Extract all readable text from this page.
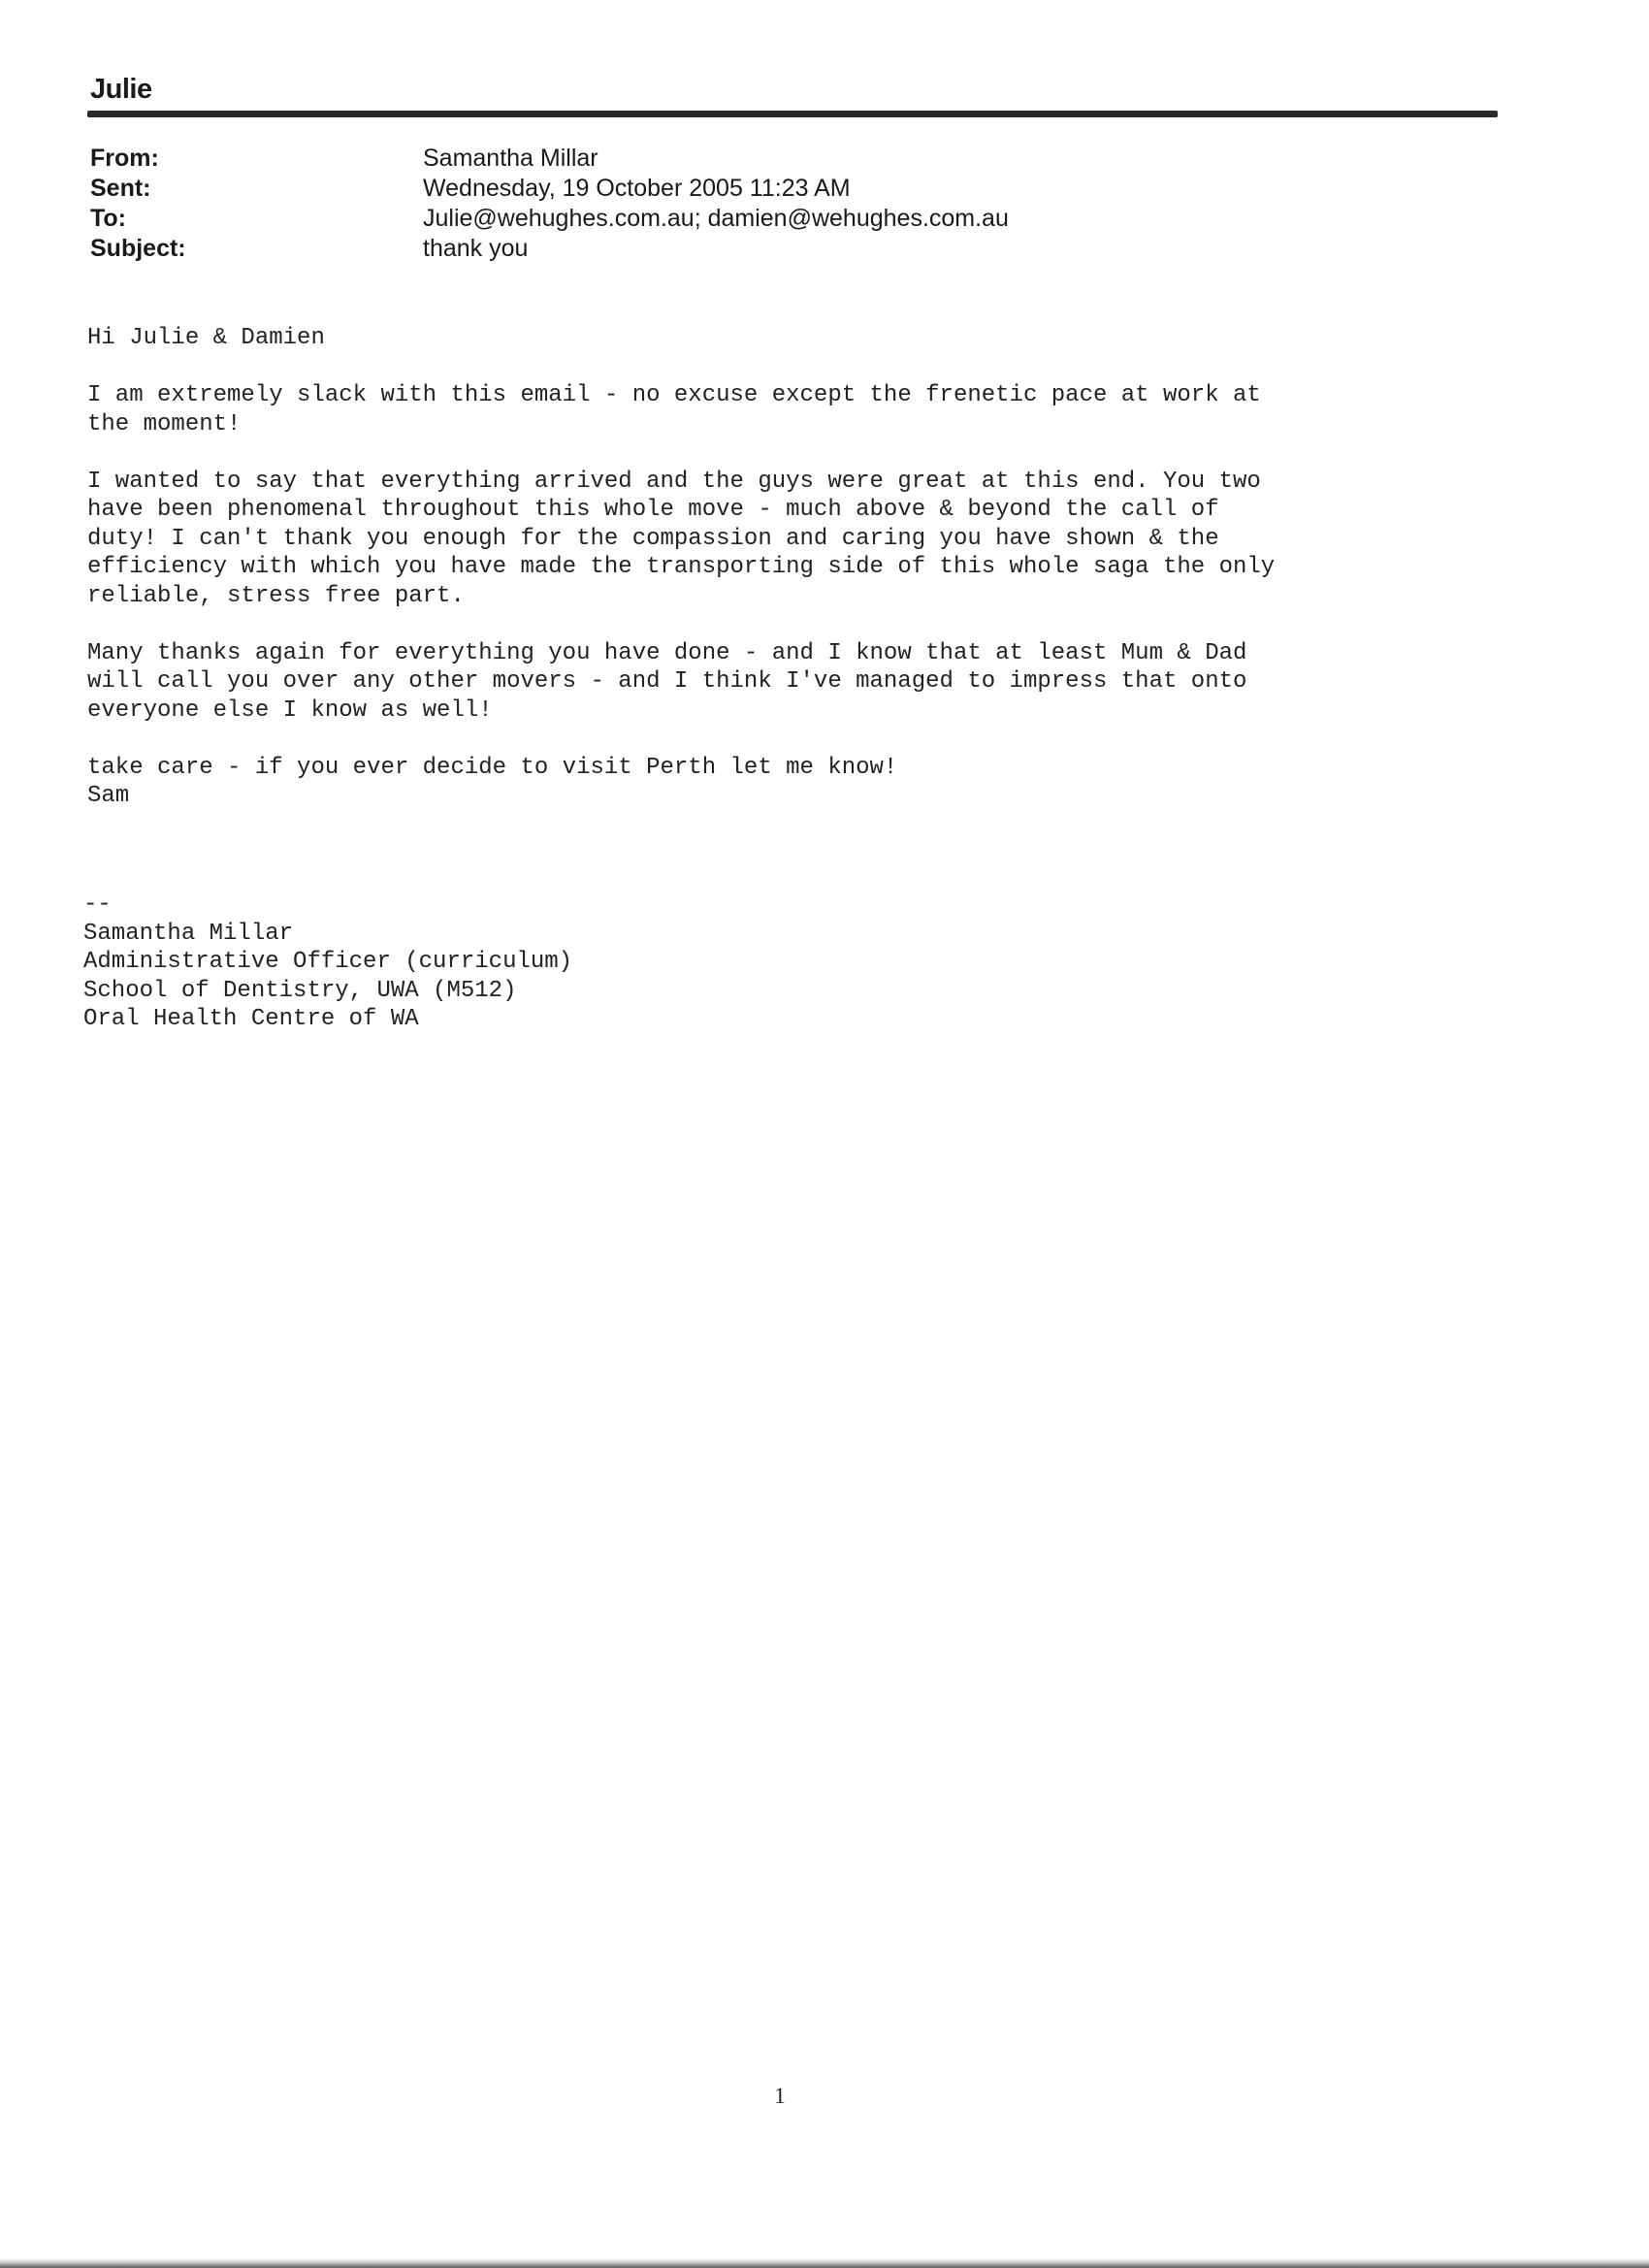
Julie
From:	Samantha Millar
Sent:	Wednesday, 19 October 2005 11:23 AM
To:	Julie@wehughes.com.au; damien@wehughes.com.au
Subject:	thank you

Hi Julie & Damien

I am extremely slack with this email - no excuse except the frenetic pace at work at
the moment!

I wanted to say that everything arrived and the guys were great at this end. You two
have been phenomenal throughout this whole move - much above & beyond the call of
duty! I can't thank you enough for the compassion and caring you have shown & the
efficiency with which you have made the transporting side of this whole saga the only
reliable, stress free part.

Many thanks again for everything you have done - and I know that at least Mum & Dad
will call you over any other movers - and I think I've managed to impress that onto
everyone else I know as well!

take care - if you ever decide to visit Perth let me know!
Sam

--
Samantha Millar
Administrative Officer (curriculum)
School of Dentistry, UWA (M512)
Oral Health Centre of WA
1
